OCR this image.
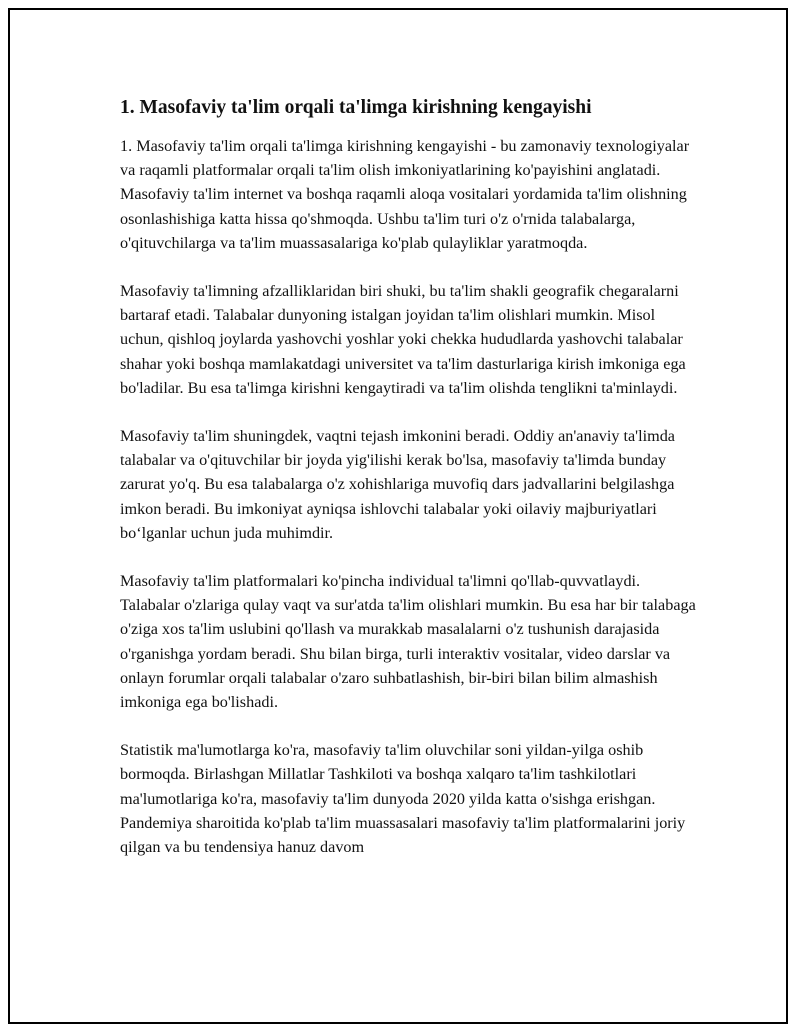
1. Masofaviy ta'lim orqali ta'limga kirishning kengayishi

1. Masofaviy ta'lim orqali ta'limga kirishning kengayishi - bu zamonaviy texnologiyalar va raqamli platformalar orqali ta'lim olish imkoniyatlarining ko'payishini anglatadi. Masofaviy ta'lim internet va boshqa raqamli aloqa vositalari yordamida ta'lim olishning osonlashishiga katta hissa qo'shmoqda. Ushbu ta'lim turi o'z o'rnida talabalarga, o'qituvchilarga va ta'lim muassasalariga ko'plab qulayliklar yaratmoqda.

Masofaviy ta'limning afzalliklaridan biri shuki, bu ta'lim shakli geografik chegaralarni bartaraf etadi. Talabalar dunyoning istalgan joyidan ta'lim olishlari mumkin. Misol uchun, qishloq joylarda yashovchi yoshlar yoki chekka hududlarda yashovchi talabalar shahar yoki boshqa mamlakatdagi universitet va ta'lim dasturlariga kirish imkoniga ega bo'ladilar. Bu esa ta'limga kirishni kengaytiradi va ta'lim olishda tenglikni ta'minlaydi.

Masofaviy ta'lim shuningdek, vaqtni tejash imkonini beradi. Oddiy an'anaviy ta'limda talabalar va o'qituvchilar bir joyda yig'ilishi kerak bo'lsa, masofaviy ta'limda bunday zarurat yo'q. Bu esa talabalarga o'z xohishlariga muvofiq dars jadvallarini belgilashga imkon beradi. Bu imkoniyat ayniqsa ishlovchi talabalar yoki oilaviy majburiyatlari bo‘lganlar uchun juda muhimdir.

Masofaviy ta'lim platformalari ko'pincha individual ta'limni qo'llab-quvvatlaydi. Talabalar o'zlariga qulay vaqt va sur'atda ta'lim olishlari mumkin. Bu esa har bir talabaga o'ziga xos ta'lim uslubini qo'llash va murakkab masalalarni o'z tushunish darajasida o'rganishga yordam beradi. Shu bilan birga, turli interaktiv vositalar, video darslar va onlayn forumlar orqali talabalar o'zaro suhbatlashish, bir-biri bilan bilim almashish imkoniga ega bo'lishadi.

Statistik ma'lumotlarga ko'ra, masofaviy ta'lim oluvchilar soni yildan-yilga oshib bormoqda. Birlashgan Millatlar Tashkiloti va boshqa xalqaro ta'lim tashkilotlari ma'lumotlariga ko'ra, masofaviy ta'lim dunyoda 2020 yilda katta o'sishga erishgan. Pandemiya sharoitida ko'plab ta'lim muassasalari masofaviy ta'lim platformalarini joriy qilgan va bu tendensiya hanuz davom
